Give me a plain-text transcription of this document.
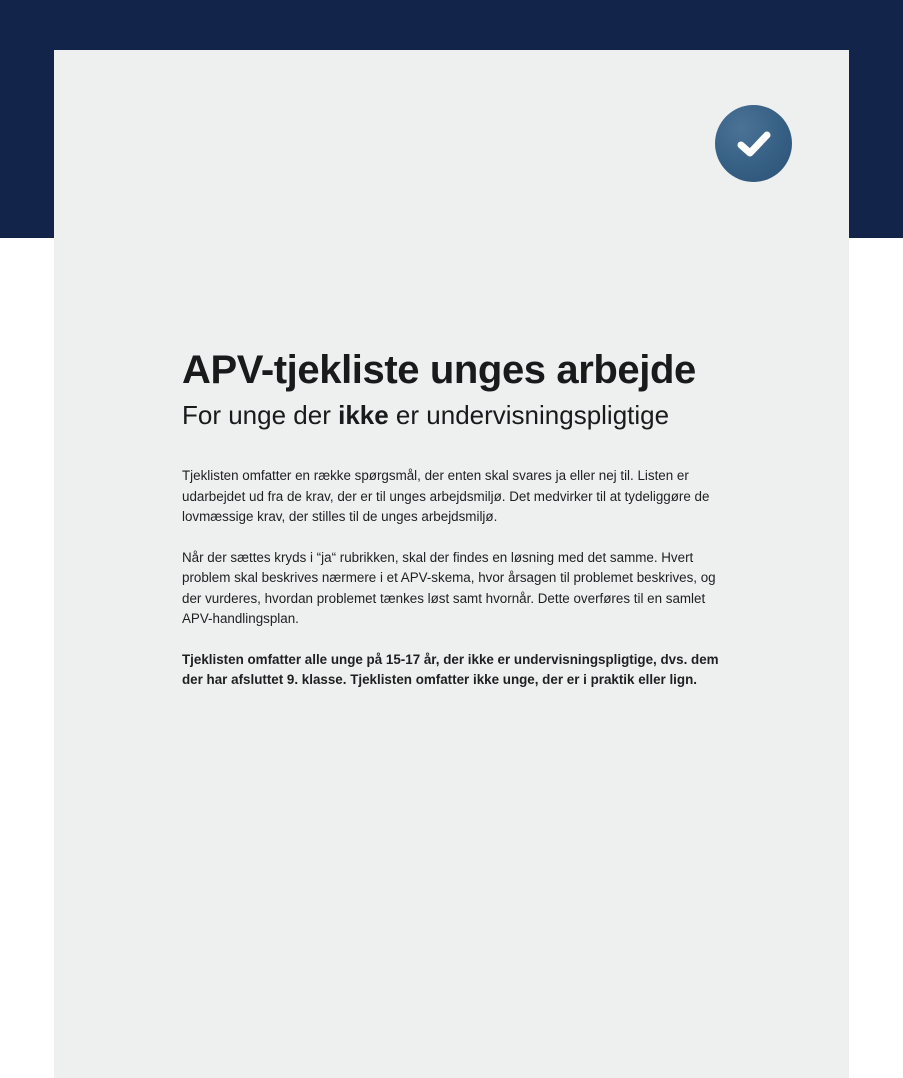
APV-tjekliste unges arbejde

For unge der ikke er undervisningspligtige

Tjeklisten omfatter en række spørgsmål, der enten skal svares ja eller nej til. Listen er udarbejdet ud fra de krav, der er til unges arbejdsmiljø. Det medvirker til at tydeliggøre de lovmæssige krav, der stilles til de unges arbejdsmiljø.

Når der sættes kryds i “ja“ rubrikken, skal der findes en løsning med det samme. Hvert problem skal beskrives nærmere i et APV-skema, hvor årsagen til problemet beskrives, og der vurderes, hvordan problemet tænkes løst samt hvornår. Dette overføres til en samlet APV-handlingsplan.

Tjeklisten omfatter alle unge på 15-17 år, der ikke er undervisningspligtige, dvs. dem der har afsluttet 9. klasse. Tjeklisten omfatter ikke unge, der er i praktik eller lign.
